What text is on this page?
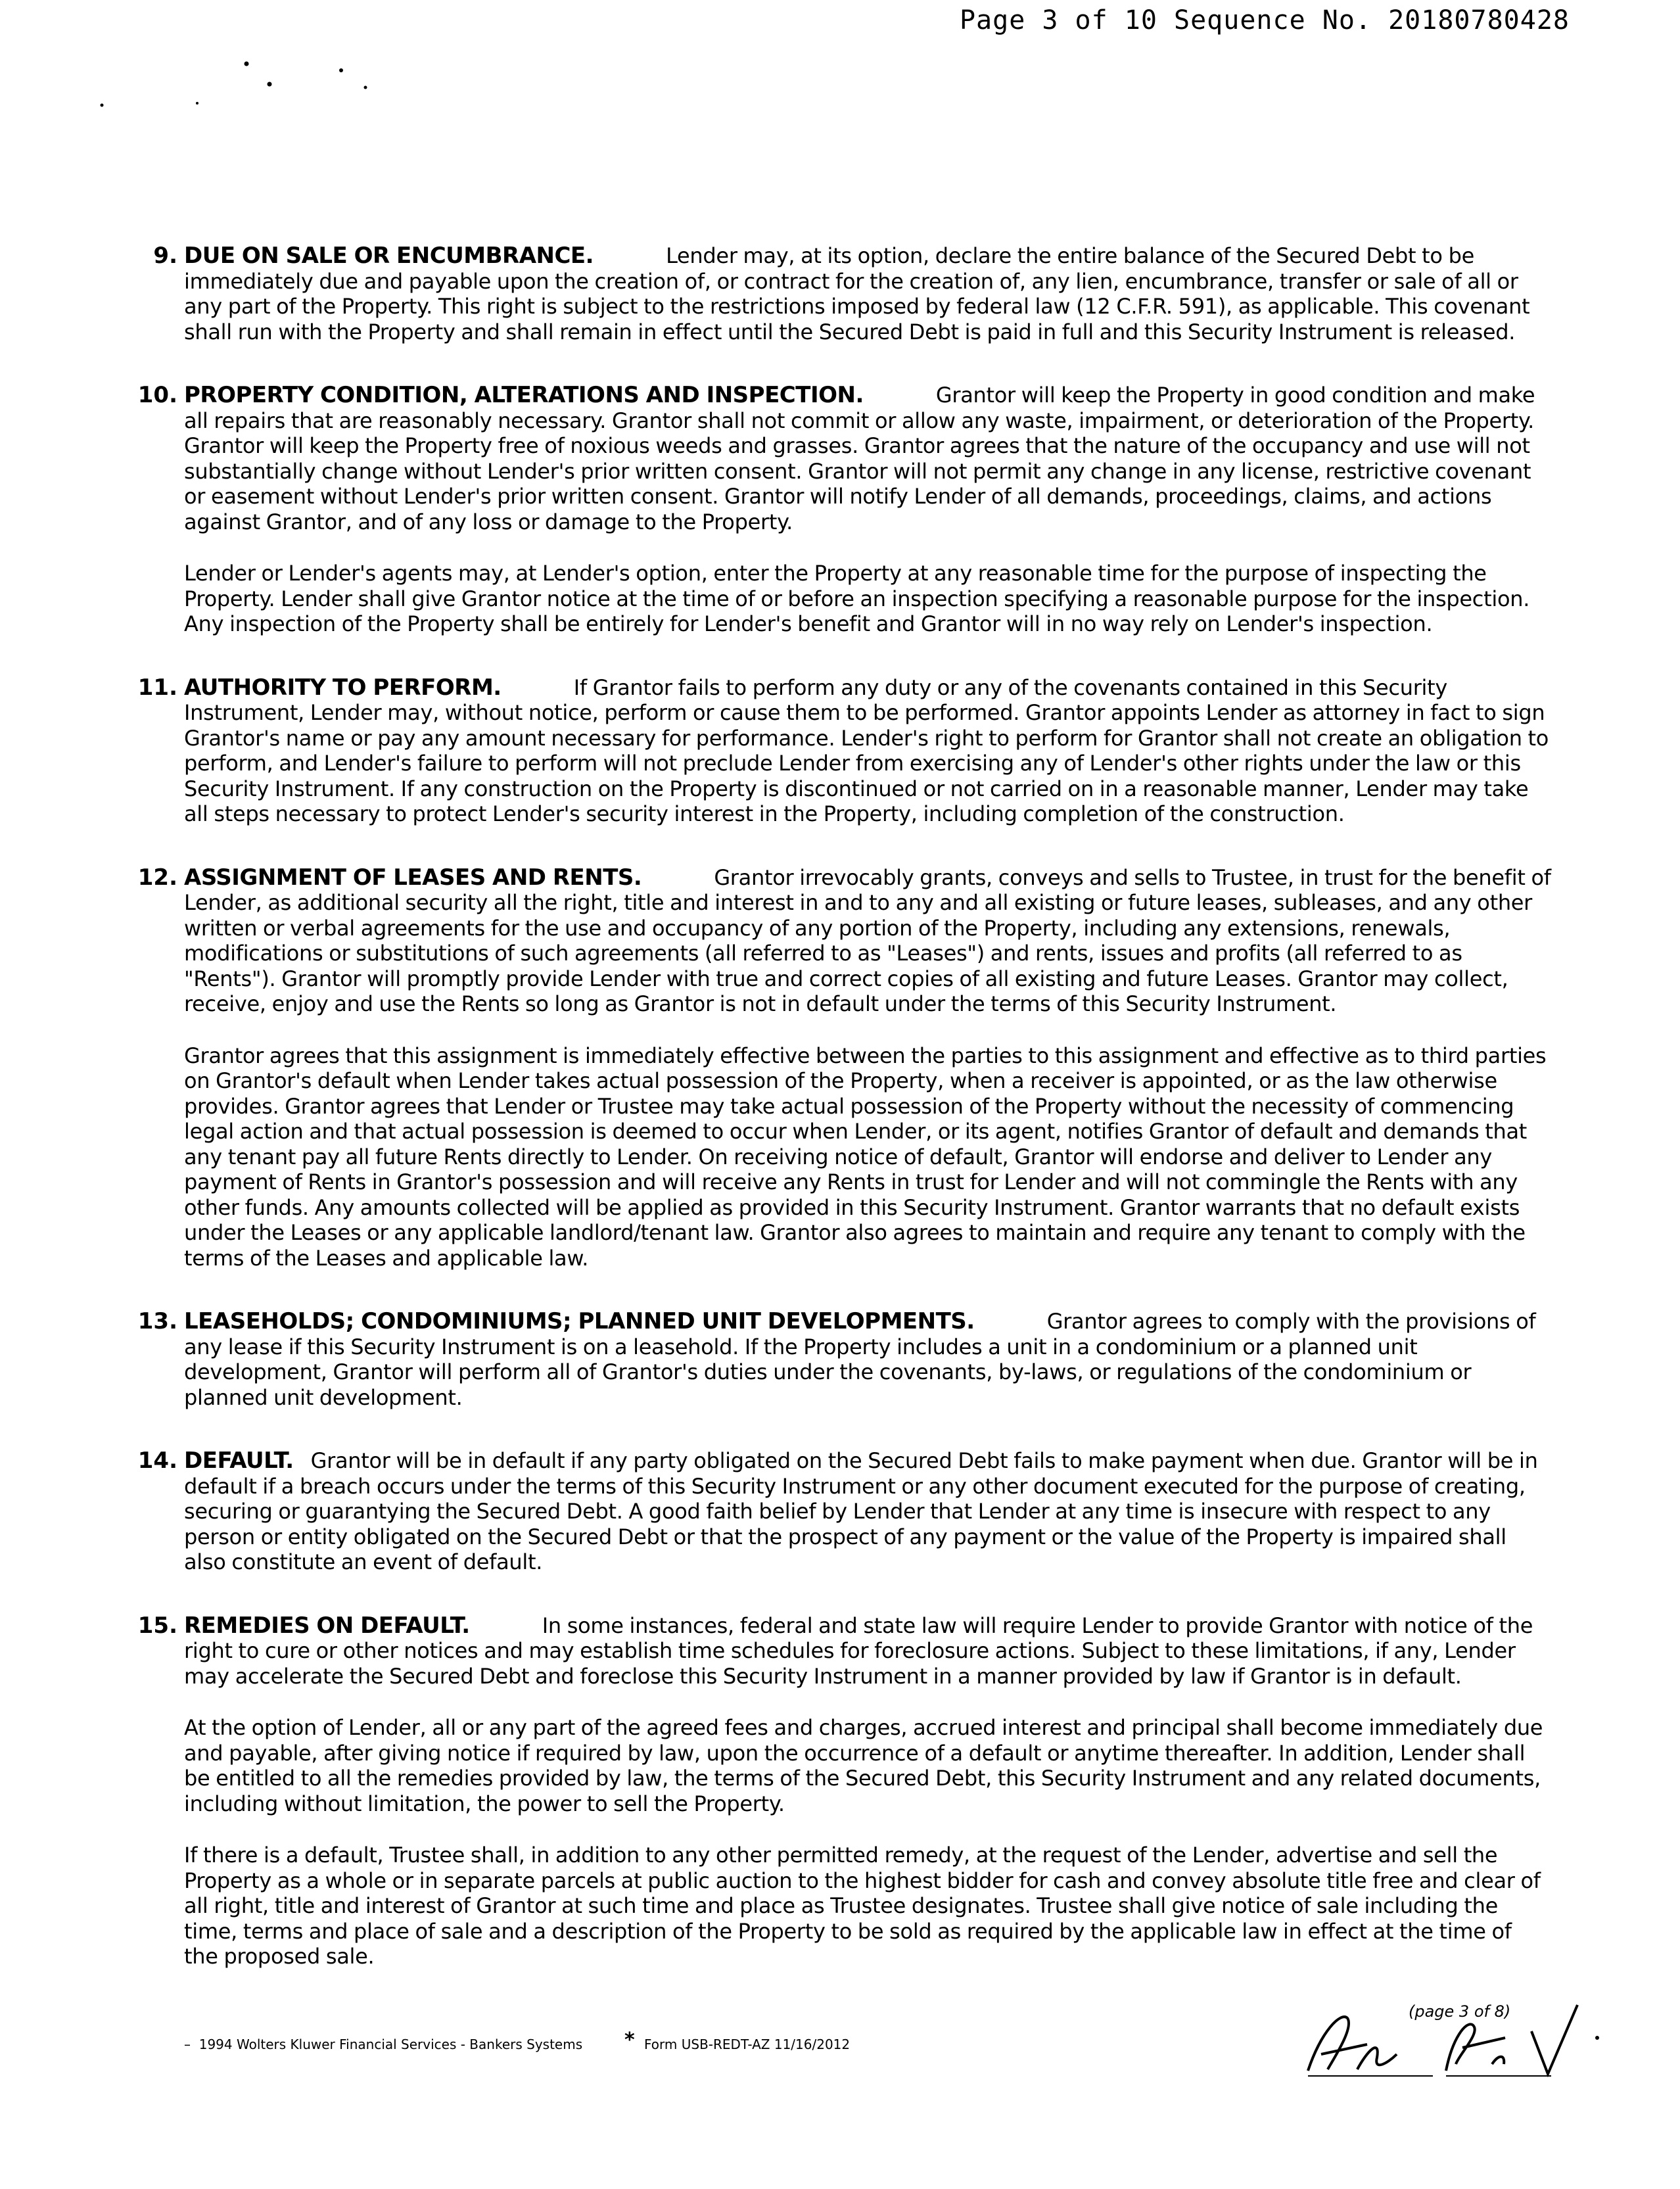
Page 3 of 10 Sequence No. 20180780428
9. DUE ON SALE OR ENCUMBRANCE.	Lender may, at its option, declare the entire balance of the Secured Debt to be immediately due and payable upon the creation of, or contract for the creation of, any lien, encumbrance, transfer or sale of all or any part of the Property. This right is subject to the restrictions imposed by federal law (12 C.F.R. 591), as applicable. This covenant shall run with the Property and shall remain in effect until the Secured Debt is paid in full and this Security Instrument is released.

10. PROPERTY CONDITION, ALTERATIONS AND INSPECTION.	Grantor will keep the Property in good condition and make all repairs that are reasonably necessary. Grantor shall not commit or allow any waste, impairment, or deterioration of the Property. Grantor will keep the Property free of noxious weeds and grasses. Grantor agrees that the nature of the occupancy and use will not substantially change without Lender's prior written consent. Grantor will not permit any change in any license, restrictive covenant or easement without Lender's prior written consent. Grantor will notify Lender of all demands, proceedings, claims, and actions against Grantor, and of any loss or damage to the Property.

Lender or Lender's agents may, at Lender's option, enter the Property at any reasonable time for the purpose of inspecting the Property. Lender shall give Grantor notice at the time of or before an inspection specifying a reasonable purpose for the inspection. Any inspection of the Property shall be entirely for Lender's benefit and Grantor will in no way rely on Lender's inspection.

11. AUTHORITY TO PERFORM.	If Grantor fails to perform any duty or any of the covenants contained in this Security Instrument, Lender may, without notice, perform or cause them to be performed. Grantor appoints Lender as attorney in fact to sign Grantor's name or pay any amount necessary for performance. Lender's right to perform for Grantor shall not create an obligation to perform, and Lender's failure to perform will not preclude Lender from exercising any of Lender's other rights under the law or this Security Instrument. If any construction on the Property is discontinued or not carried on in a reasonable manner, Lender may take all steps necessary to protect Lender's security interest in the Property, including completion of the construction.

12. ASSIGNMENT OF LEASES AND RENTS.	Grantor irrevocably grants, conveys and sells to Trustee, in trust for the benefit of Lender, as additional security all the right, title and interest in and to any and all existing or future leases, subleases, and any other written or verbal agreements for the use and occupancy of any portion of the Property, including any extensions, renewals, modifications or substitutions of such agreements (all referred to as "Leases") and rents, issues and profits (all referred to as "Rents"). Grantor will promptly provide Lender with true and correct copies of all existing and future Leases. Grantor may collect, receive, enjoy and use the Rents so long as Grantor is not in default under the terms of this Security Instrument.

Grantor agrees that this assignment is immediately effective between the parties to this assignment and effective as to third parties on Grantor's default when Lender takes actual possession of the Property, when a receiver is appointed, or as the law otherwise provides. Grantor agrees that Lender or Trustee may take actual possession of the Property without the necessity of commencing legal action and that actual possession is deemed to occur when Lender, or its agent, notifies Grantor of default and demands that any tenant pay all future Rents directly to Lender. On receiving notice of default, Grantor will endorse and deliver to Lender any payment of Rents in Grantor's possession and will receive any Rents in trust for Lender and will not commingle the Rents with any other funds. Any amounts collected will be applied as provided in this Security Instrument. Grantor warrants that no default exists under the Leases or any applicable landlord/tenant law. Grantor also agrees to maintain and require any tenant to comply with the terms of the Leases and applicable law.

13. LEASEHOLDS; CONDOMINIUMS; PLANNED UNIT DEVELOPMENTS.	Grantor agrees to comply with the provisions of any lease if this Security Instrument is on a leasehold. If the Property includes a unit in a condominium or a planned unit development, Grantor will perform all of Grantor's duties under the covenants, by-laws, or regulations of the condominium or planned unit development.

14. DEFAULT. Grantor will be in default if any party obligated on the Secured Debt fails to make payment when due. Grantor will be in default if a breach occurs under the terms of this Security Instrument or any other document executed for the purpose of creating, securing or guarantying the Secured Debt. A good faith belief by Lender that Lender at any time is insecure with respect to any person or entity obligated on the Secured Debt or that the prospect of any payment or the value of the Property is impaired shall also constitute an event of default.

15. REMEDIES ON DEFAULT.	In some instances, federal and state law will require Lender to provide Grantor with notice of the right to cure or other notices and may establish time schedules for foreclosure actions. Subject to these limitations, if any, Lender may accelerate the Secured Debt and foreclose this Security Instrument in a manner provided by law if Grantor is in default.

At the option of Lender, all or any part of the agreed fees and charges, accrued interest and principal shall become immediately due and payable, after giving notice if required by law, upon the occurrence of a default or anytime thereafter. In addition, Lender shall be entitled to all the remedies provided by law, the terms of the Secured Debt, this Security Instrument and any related documents, including without limitation, the power to sell the Property.

If there is a default, Trustee shall, in addition to any other permitted remedy, at the request of the Lender, advertise and sell the Property as a whole or in separate parcels at public auction to the highest bidder for cash and convey absolute title free and clear of all right, title and interest of Grantor at such time and place as Trustee designates. Trustee shall give notice of sale including the time, terms and place of sale and a description of the Property to be sold as required by the applicable law in effect at the time of the proposed sale.

–  1994 Wolters Kluwer Financial Services - Bankers Systems * Form USB-REDT-AZ 11/16/2012
(page 3 of 8)
